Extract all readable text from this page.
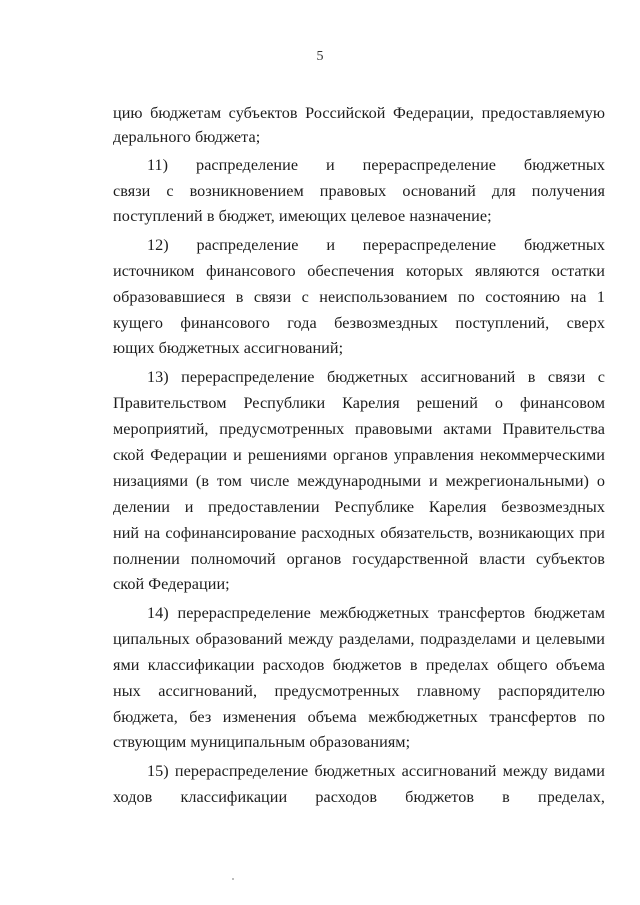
5
цию бюджетам субъектов Российской Федерации, предоставляемую
дерального бюджета;
11) распределение и перераспределение бюджетных
связи с возникновением правовых оснований для получения
поступлений в бюджет, имеющих целевое назначение;
12) распределение и перераспределение бюджетных
источником финансового обеспечения которых являются остатки
образовавшиеся в связи с неиспользованием по состоянию на 1
кущего финансового года безвозмездных поступлений, сверх
ющих бюджетных ассигнований;
13) перераспределение бюджетных ассигнований в связи с
Правительством Республики Карелия решений о финансовом
мероприятий, предусмотренных правовыми актами Правительства
ской Федерации и решениями органов управления некоммерческими
низациями (в том числе международными и межрегиональными) о
делении и предоставлении Республике Карелия безвозмездных
ний на софинансирование расходных обязательств, возникающих при
полнении полномочий органов государственной власти субъектов
ской Федерации;
14) перераспределение межбюджетных трансфертов бюджетам
ципальных образований между разделами, подразделами и целевыми
ями классификации расходов бюджетов в пределах общего объема
ных ассигнований, предусмотренных главному распорядителю
бюджета, без изменения объема межбюджетных трансфертов по
ствующим муниципальным образованиям;
15) перераспределение бюджетных ассигнований между видами
ходов классификации расходов бюджетов в пределах,
